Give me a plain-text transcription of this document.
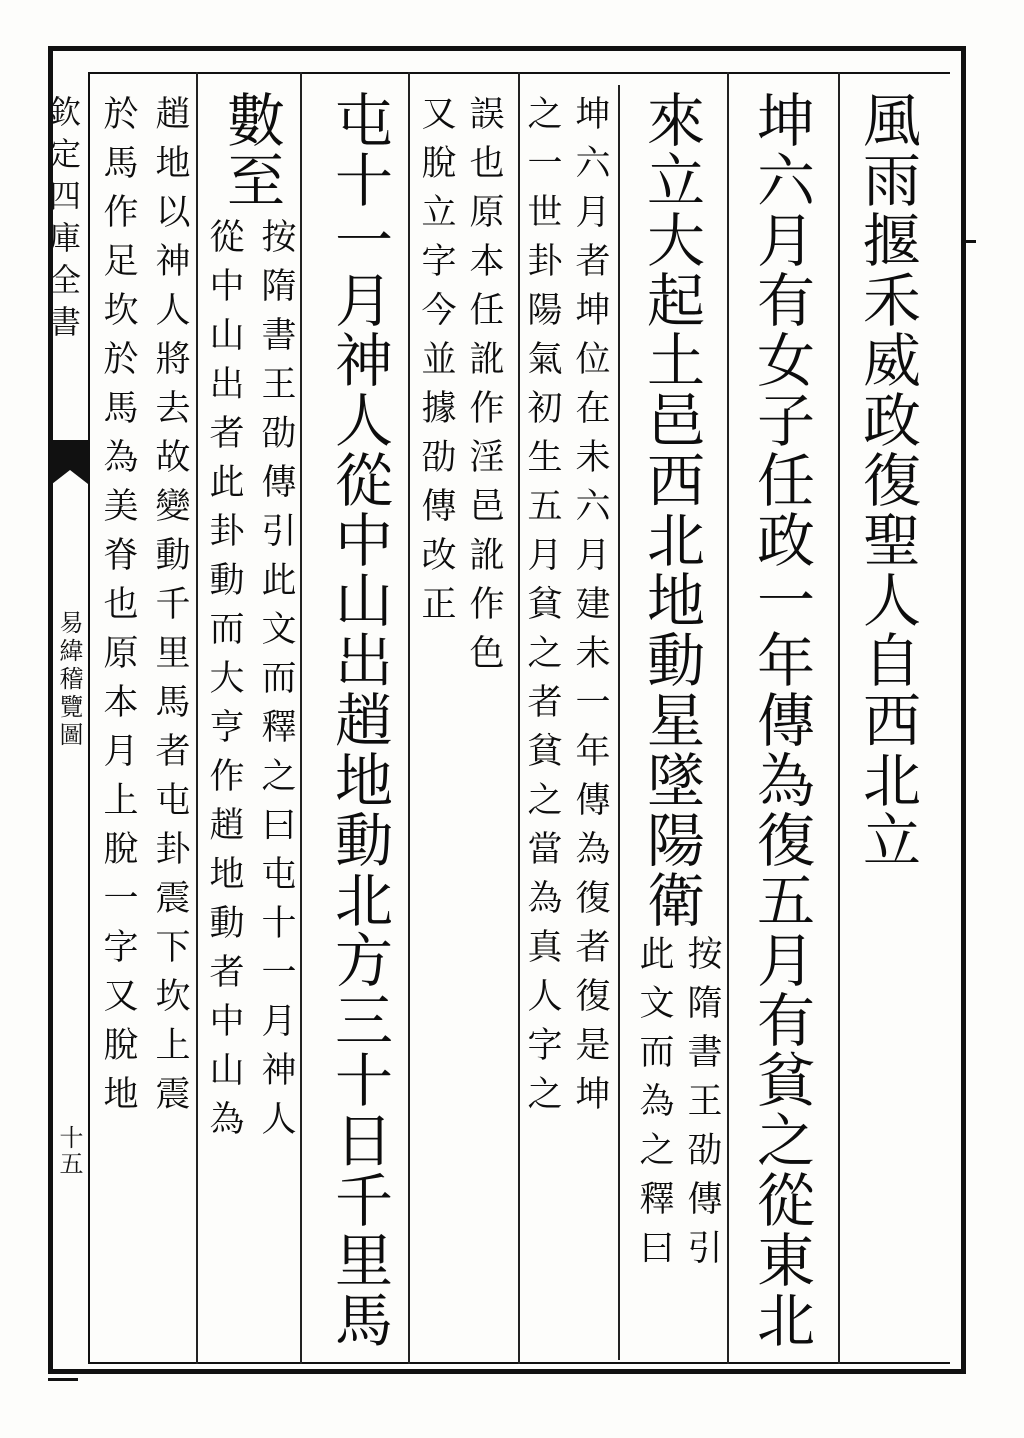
欽定四庫全書
易緯稽覽圖
十五
風雨揠禾威政復聖人自西北立
坤六月有女子任政一年傳為復五月有貧之從東北
來立大起土邑西北地動星墜陽衛
按隋書王劭傳引
此文而為之釋曰
坤六月者坤位在未六月建未一年傳為復者復是坤
之一世卦陽氣初生五月貧之者貧之當為真人字之
誤也原本任訛作淫邑訛作色
又脫立字今並據劭傳改正
屯十一月神人從中山出趙地動北方三十日千里馬
數至
按隋書王劭傳引此文而釋之曰屯十一月神人
從中山出者此卦動而大亨作趙地動者中山為
趙地以神人將去故變動千里馬者屯卦震下坎上震
於馬作足坎於馬為美脊也原本月上脫一字又脫地
